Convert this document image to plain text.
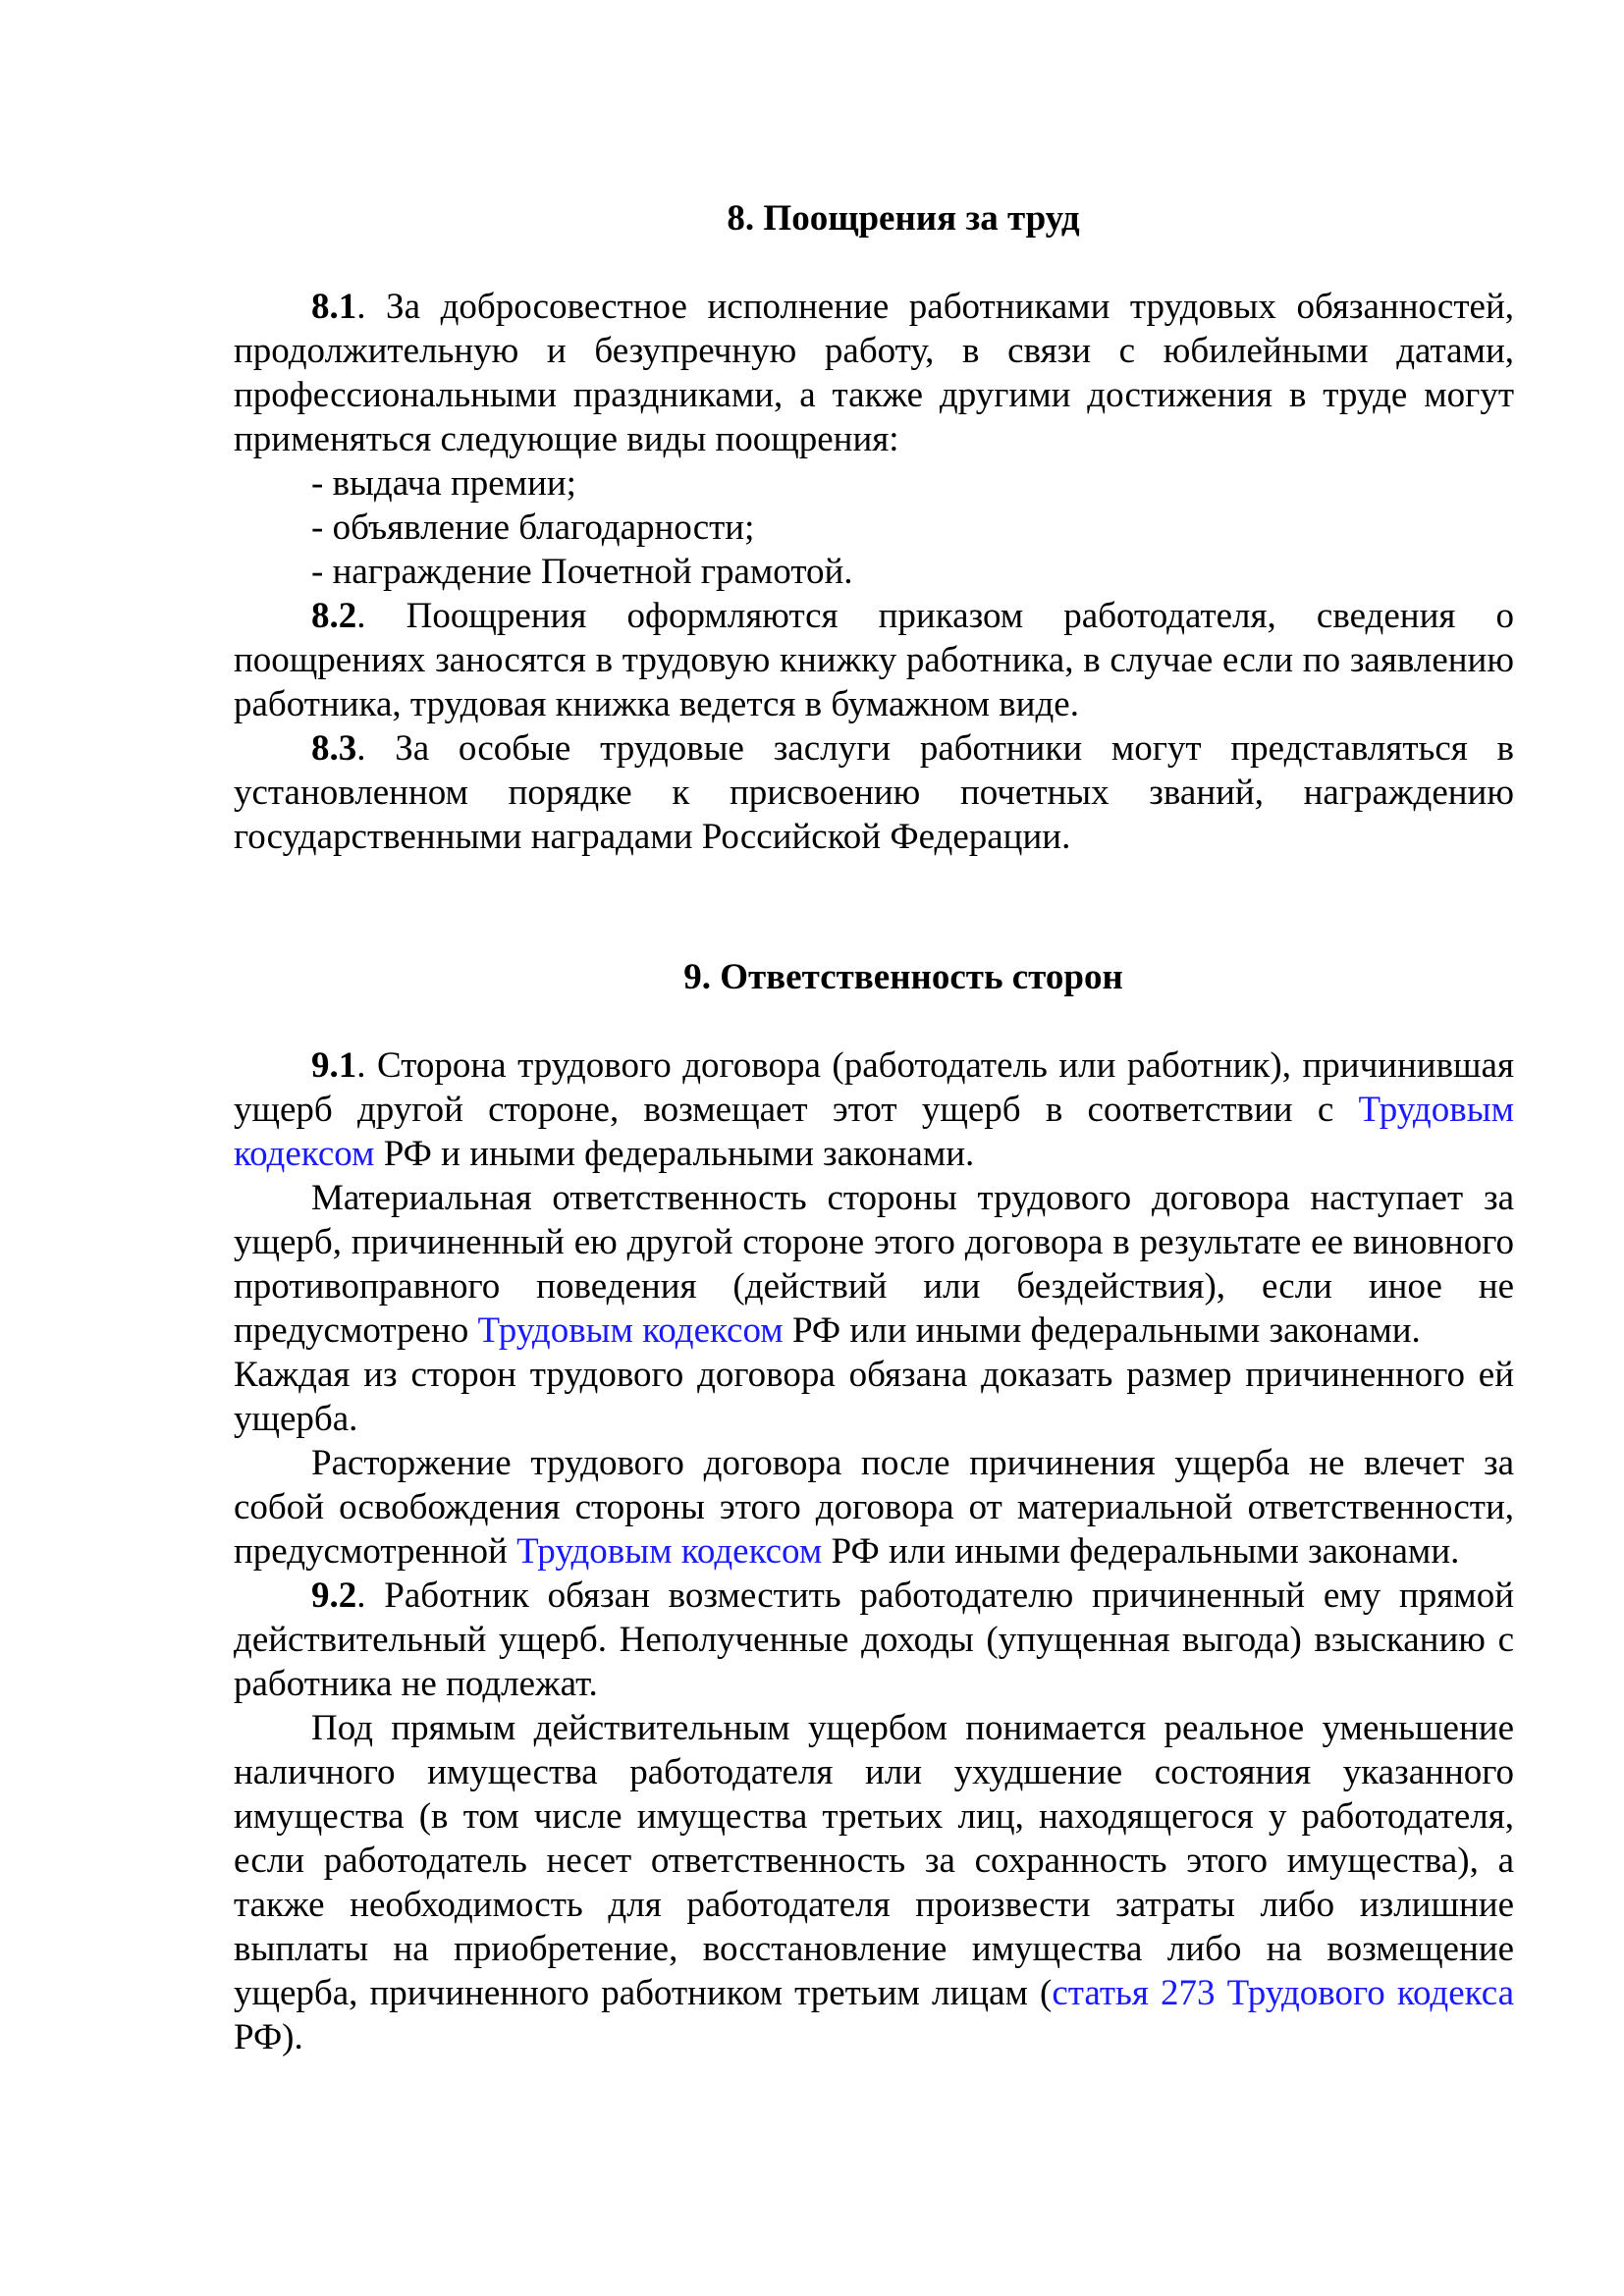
8. Поощрения за труд

8.1. За добросовестное исполнение работниками трудовых обязанностей, продолжительную и безупречную работу, в связи с юбилейными датами, профессиональными праздниками, а также другими достижения в труде могут применяться следующие виды поощрения:

- выдача премии;

- объявление благодарности;

- награждение Почетной грамотой.

8.2. Поощрения оформляются приказом работодателя, сведения о поощрениях заносятся в трудовую книжку работника, в случае если по заявлению работника, трудовая книжка ведется в бумажном виде.

8.3. За особые трудовые заслуги работники могут представляться в установленном порядке к присвоению почетных званий, награждению государственными наградами Российской Федерации.

9. Ответственность сторон

9.1. Сторона трудового договора (работодатель или работник), причинившая ущерб другой стороне, возмещает этот ущерб в соответствии с Трудовым кодексом РФ и иными федеральными законами.

Материальная ответственность стороны трудового договора наступает за ущерб, причиненный ею другой стороне этого договора в результате ее виновного противоправного поведения (действий или бездействия), если иное не предусмотрено Трудовым кодексом РФ или иными федеральными законами.

Каждая из сторон трудового договора обязана доказать размер причиненного ей ущерба.

Расторжение трудового договора после причинения ущерба не влечет за собой освобождения стороны этого договора от материальной ответственности, предусмотренной Трудовым кодексом РФ или иными федеральными законами.

9.2. Работник обязан возместить работодателю причиненный ему прямой действительный ущерб. Неполученные доходы (упущенная выгода) взысканию с работника не подлежат.

Под прямым действительным ущербом понимается реальное уменьшение наличного имущества работодателя или ухудшение состояния указанного имущества (в том числе имущества третьих лиц, находящегося у работодателя, если работодатель несет ответственность за сохранность этого имущества), а также необходимость для работодателя произвести затраты либо излишние выплаты на приобретение, восстановление имущества либо на возмещение ущерба, причиненного работником третьим лицам (статья 273 Трудового кодекса РФ).
